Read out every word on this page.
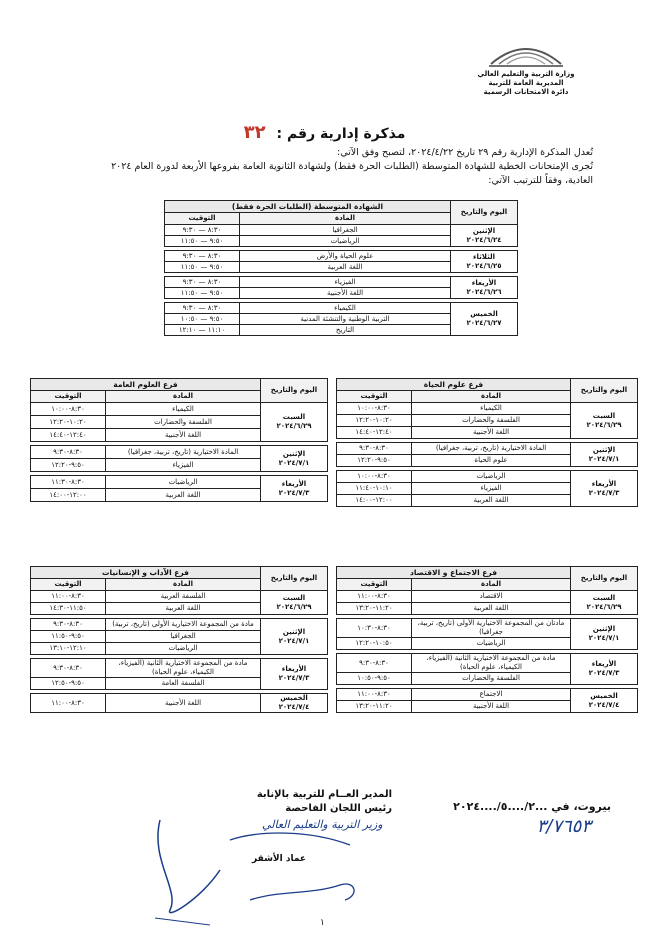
وزارة التربية والتعليم العالي
المديرية العامة للتربية
دائرة الامتحانات الرسمية
مذكرة إدارية رقم : ٣٢
تُعدل المذكرة الإدارية رقم ٢٩ تاريخ ٢٠٢٤/٤/٢٢، لتصبح وفق الآتي:
تُجرى الإمتحانات الخطية للشهادة المتوسطة (الطلبات الحرة فقط) ولشهادة الثانوية العامة بفروعها الأربعة لدورة العام ٢٠٢٤
العادية، وفقاً للترتيب الآتي:
اليوم والتاريخ	الشهادة المتوسطة (الطلبات الحرة فقط)	
	المادة	التوقيت

الإثنين
٢٠٢٤/٦/٢٤	الجغرافيا	٨:٣٠ — ٩:٣٠
	الرياضيات	٩:٥٠ — ١١:٥٠

الثلاثاء
٢٠٢٤/٦/٢٥	علوم الحياة والأرض	٨:٣٠ — ٩:٣٠
	اللغة العربية	٩:٥٠ — ١١:٥٠

الأربعاء
٢٠٢٤/٦/٢٦	الفيزياء	٨:٣٠ — ٩:٣٠
	اللغة الأجنبية	٩:٥٠ — ١١:٥٠

الخميس
٢٠٢٤/٦/٢٧	الكيمياء	٨:٣٠ — ٩:٣٠
	التربية الوطنية والتنشئة المدنية	٩:٥٠ — ١٠:٥٠
	التاريخ	١١:١٠ — ١٢:١٠
اليوم والتاريخ	فرع علوم الحياة	
	المادة	التوقيت

السبت
٢٠٢٤/٦/٢٩	الكيمياء	٨:٣٠-١٠:٠٠
	الفلسفة والحضارات	١٠:٢٠-١٢:٢٠
	اللغة الأجنبية	١٢:٤٠-١٤:٤٠

الإثنين
٢٠٢٤/٧/١	المادة الاختيارية (تاريخ، تربية، جغرافيا)	٨:٣٠-٩:٣٠
	علوم الحياة	٩:٥٠-١٢:٢٠

الأربعاء
٢٠٢٤/٧/٣	الرياضيات	٨:٣٠-١٠:٠٠
	الفيزياء	١٠:١٠-١١:٤٠
	اللغة العربية	١٢:٠٠-١٤:٠٠
اليوم والتاريخ	فرع العلوم العامة	
	المادة	التوقيت

السبت
٢٠٢٤/٦/٢٩	الكيمياء	٨:٣٠-١٠:٠٠
	الفلسفة والحضارات	١٠:٢٠-١٢:٢٠
	اللغة الأجنبية	١٢:٤٠-١٤:٤٠

الإثنين
٢٠٢٤/٧/١	المادة الاختيارية (تاريخ، تربية، جغرافيا)	٨:٣٠-٩:٣٠
	الفيزياء	٩:٥٠-١٢:٢٠

الأربعاء
٢٠٢٤/٧/٣	الرياضيات	٨:٣٠-١١:٣٠
	اللغة العربية	١٢:٠٠-١٤:٠٠
اليوم والتاريخ	فرع الاجتماع و الاقتصاد	
	المادة	التوقيت

السبت
٢٠٢٤/٦/٢٩	الاقتصاد	٨:٣٠-١١:٠٠
	اللغة العربية	١١:٢٠-١٣:٢٠

الإثنين
٢٠٢٤/٧/١	مادتان من المجموعة الاختيارية الأولى (تاريخ، تربية، جغرافيا)	٨:٣٠-١٠:٣٠
	الرياضيات	١٠:٥٠-١٢:٢٠

الأربعاء
٢٠٢٤/٧/٣	مادة من المجموعة الاختيارية الثانية (الفيزياء، الكيمياء، علوم الحياة)	٨:٣٠-٩:٣٠
	الفلسفة والحضارات	٩:٥٠-١٠:٥٠

الخميس
٢٠٢٤/٧/٤	الاجتماع	٨:٣٠-١١:٠٠
	اللغة الأجنبية	١١:٢٠-١٣:٢٠
اليوم والتاريخ	فرع الآداب و الإنسانيات	
	المادة	التوقيت

السبت
٢٠٢٤/٦/٢٩	الفلسفة العربية	٨:٣٠-١١:٠٠
	اللغة العربية	١١:٥٠-١٤:٣٠

الإثنين
٢٠٢٤/٧/١	مادة من المجموعة الاختيارية الأولى (تاريخ، تربية)	٨:٣٠-٩:٣٠
	الجغرافيا	٩:٥٠-١١:٥٠
	الرياضيات	١٢:١٠-١٣:١٠

الأربعاء
٢٠٢٤/٧/٣	مادة من المجموعة الاختيارية الثانية (الفيزياء، الكيمياء، علوم الحياة)	٨:٣٠-٩:٣٠
	الفلسفة العامة	٩:٥٠-١٢:٥٠

الخميس
٢٠٢٤/٧/٤	اللغة الأجنبية	٨:٣٠-١١:٠٠
بيروت، في ...٢/....٥/....٢٠٢٤
٣/٧٦٥٣
المدير العــام للتربية بالإنابة
رئيس اللجان الفاحصة
عماد الأشقر
وزير التربية والتعليم العالي
١
